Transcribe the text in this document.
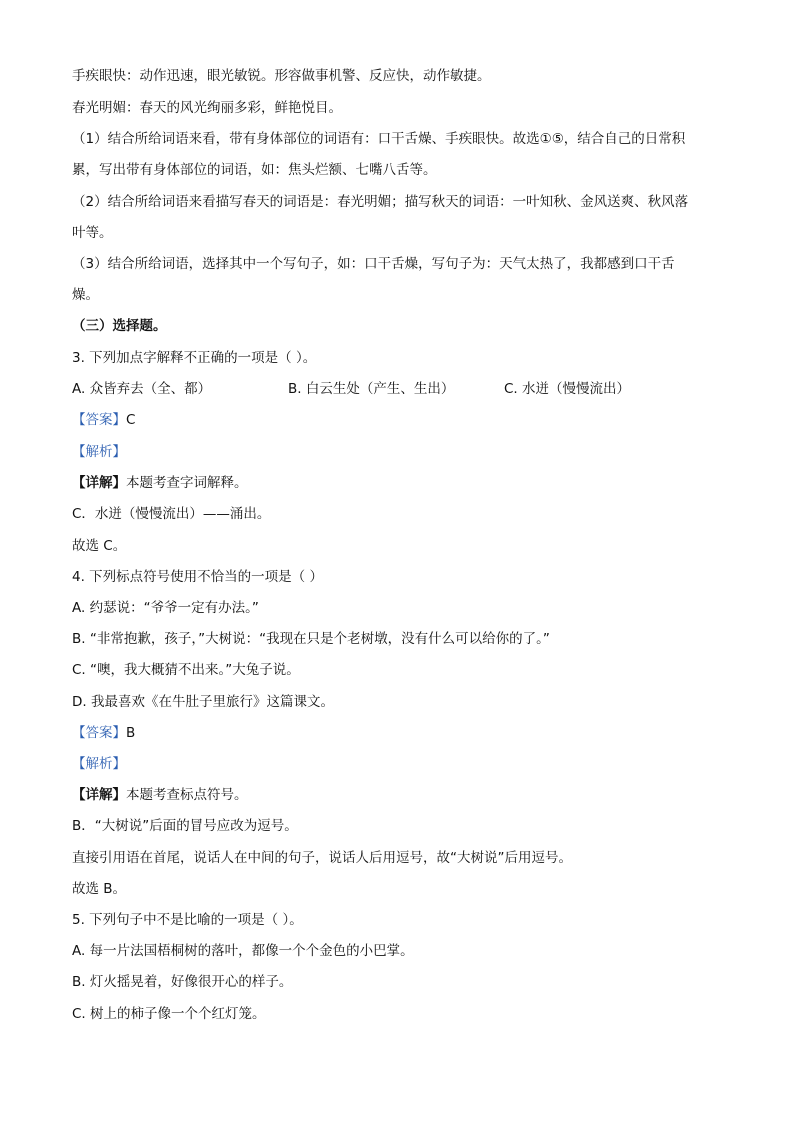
手疾眼快：动作迅速，眼光敏锐。形容做事机警、反应快，动作敏捷。
春光明媚：春天的风光绚丽多彩，鲜艳悦目。
（1）结合所给词语来看，带有身体部位的词语有：口干舌燥、手疾眼快。故选①⑤，结合自己的日常积
累，写出带有身体部位的词语，如：焦头烂额、七嘴八舌等。
（2）结合所给词语来看描写春天的词语是：春光明媚；描写秋天的词语：一叶知秋、金风送爽、秋风落
叶等。
（3）结合所给词语，选择其中一个写句子，如：口干舌燥，写句子为：天气太热了，我都感到口干舌
燥。
（三）选择题。
3. 下列加点字解释不正确的一项是（ ）。
A. 众皆弃去（全、都）	B. 白云生处（产生、生出）	C. 水迸（慢慢流出）
【答案】C
【解析】
【详解】本题考查字词解释。
C．水迸（慢慢流出）——涌出。
故选 C。
4. 下列标点符号使用不恰当的一项是（ ）
A. 约瑟说：“爷爷一定有办法。”
B. “非常抱歉，孩子，”大树说：“我现在只是个老树墩，没有什么可以给你的了。”
C. “噢，我大概猜不出来。”大兔子说。
D. 我最喜欢《在牛肚子里旅行》这篇课文。
【答案】B
【解析】
【详解】本题考查标点符号。
B．“大树说”后面的冒号应改为逗号。
直接引用语在首尾，说话人在中间的句子，说话人后用逗号，故“大树说”后用逗号。
故选 B。
5. 下列句子中不是比喻的一项是（ ）。
A. 每一片法国梧桐树的落叶，都像一个个金色的小巴掌。
B. 灯火摇晃着，好像很开心的样子。
C. 树上的柿子像一个个红灯笼。
